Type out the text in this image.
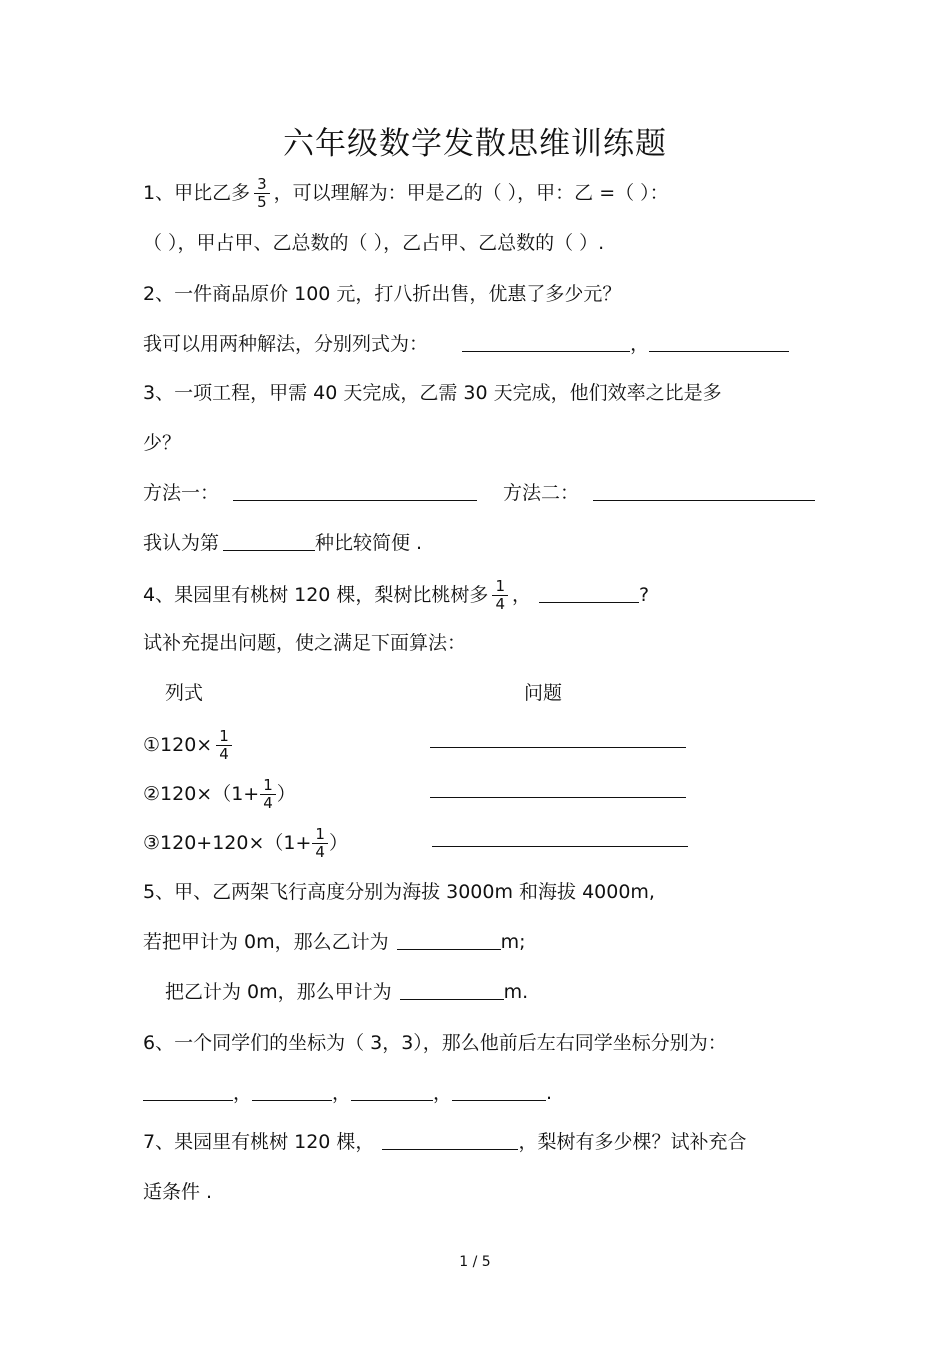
六年级数学发散思维训练题
1、甲比乙多 $\frac{3}{5}$ ，可以理解为：甲是乙的（ ），甲：乙 =（ ）：
（ ），甲占甲、乙总数的（ ），乙占甲、乙总数的（ ）.
2、一件商品原价 100 元，打八折出售，优惠了多少元？
我可以用两种解法，分别列式为：	，
3、一项工程，甲需 40 天完成，乙需 30 天完成，他们效率之比是多
少？
方法一：	方法二：
我认为第	种比较简便 .
4、果园里有桃树 120 棵，梨树比桃树多 $\frac{1}{4}$ ，	?
试补充提出问题，使之满足下面算法：
列式	问题
①120× $\frac{1}{4}$
②120×（1+ $\frac{1}{4}$ ）
③120+120×（1+ $\frac{1}{4}$ ）
5、甲、乙两架飞行高度分别为海拔 3000m 和海拔 4000m,
若把甲计为 0m，那么乙计为	m;
把乙计为 0m，那么甲计为	m.
6、一个同学们的坐标为（ 3，3），那么他前后左右同学坐标分别为：
，	，	，	.
7、果园里有桃树 120 棵，	，梨树有多少棵？试补充合
适条件 .
1 / 5
